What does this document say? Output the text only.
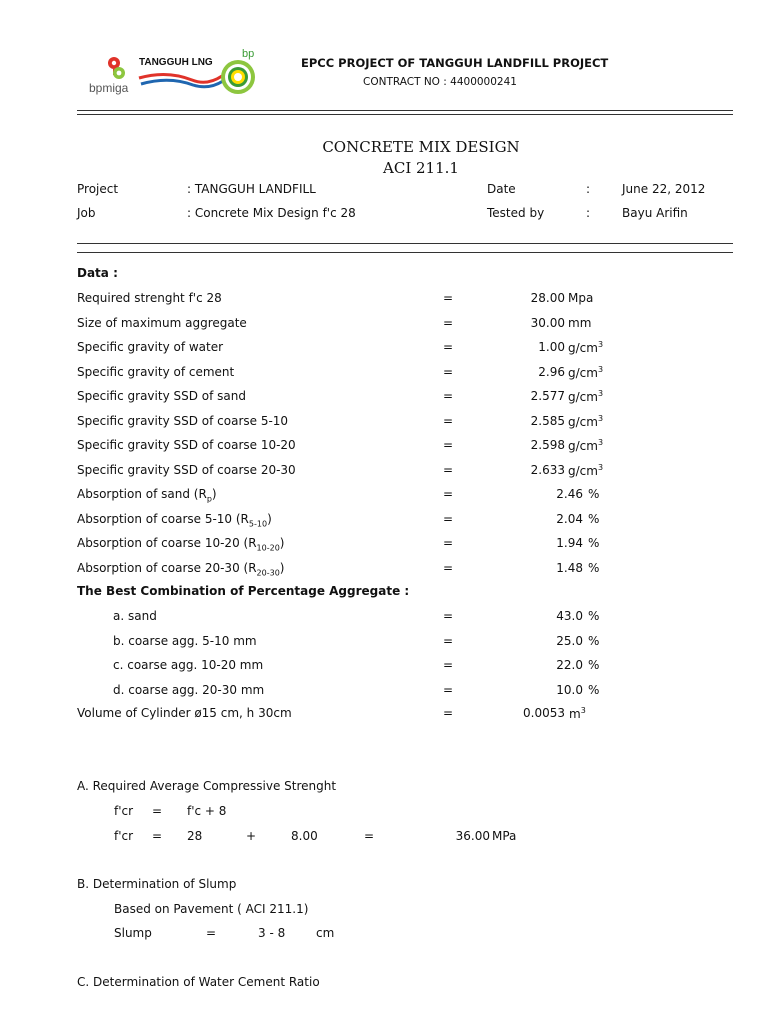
bpmiga
TANGGUH LNG
bp
EPCC PROJECT OF TANGGUH LANDFILL PROJECT
CONTRACT NO : 4400000241
CONCRETE MIX DESIGN
ACI 211.1
Project	: TANGGUH LANDFILL
Job	: Concrete Mix Design f'c 28
Date	:	June 22, 2012
Tested by	:	Bayu Arifin
Data :
Required strenght f'c 28	=	28.00 Mpa
Size of maximum aggregate	=	30.00 mm
Specific gravity of water	=	1.00 $g/cm^3$
Specific gravity of cement	=	2.96 $g/cm^3$
Specific gravity SSD of sand	=	2.577 $g/cm^3$
Specific gravity SSD of coarse 5-10	=	2.585 $g/cm^3$
Specific gravity SSD of coarse 10-20	=	2.598 $g/cm^3$
Specific gravity SSD of coarse 20-30	=	2.633 $g/cm^3$
Absorption of sand $(R_p)$	=	2.46 %
Absorption of coarse 5-10 $(R_{5-10})$	=	2.04 %
Absorption of coarse 10-20 $(R_{10-20})$	=	1.94 %
Absorption of coarse 20-30 $(R_{20-30})$	=	1.48 %
The Best Combination of Percentage Aggregate :
a. sand	=	43.0 %
b. coarse agg. 5-10 mm	=	25.0 %
c. coarse agg. 10-20 mm	=	22.0 %
d. coarse agg. 20-30 mm	=	10.0 %
Volume of Cylinder ø15 cm, h 30cm	=	0.0053 $m^3$
A. Required Average Compressive Strenght
f'cr = f'c + 8
f'cr = 28	+	8.00	=	36.00 MPa
B. Determination of Slump
Based on Pavement ( ACI 211.1)
Slump	=	3 - 8	cm
C. Determination of Water Cement Ratio
